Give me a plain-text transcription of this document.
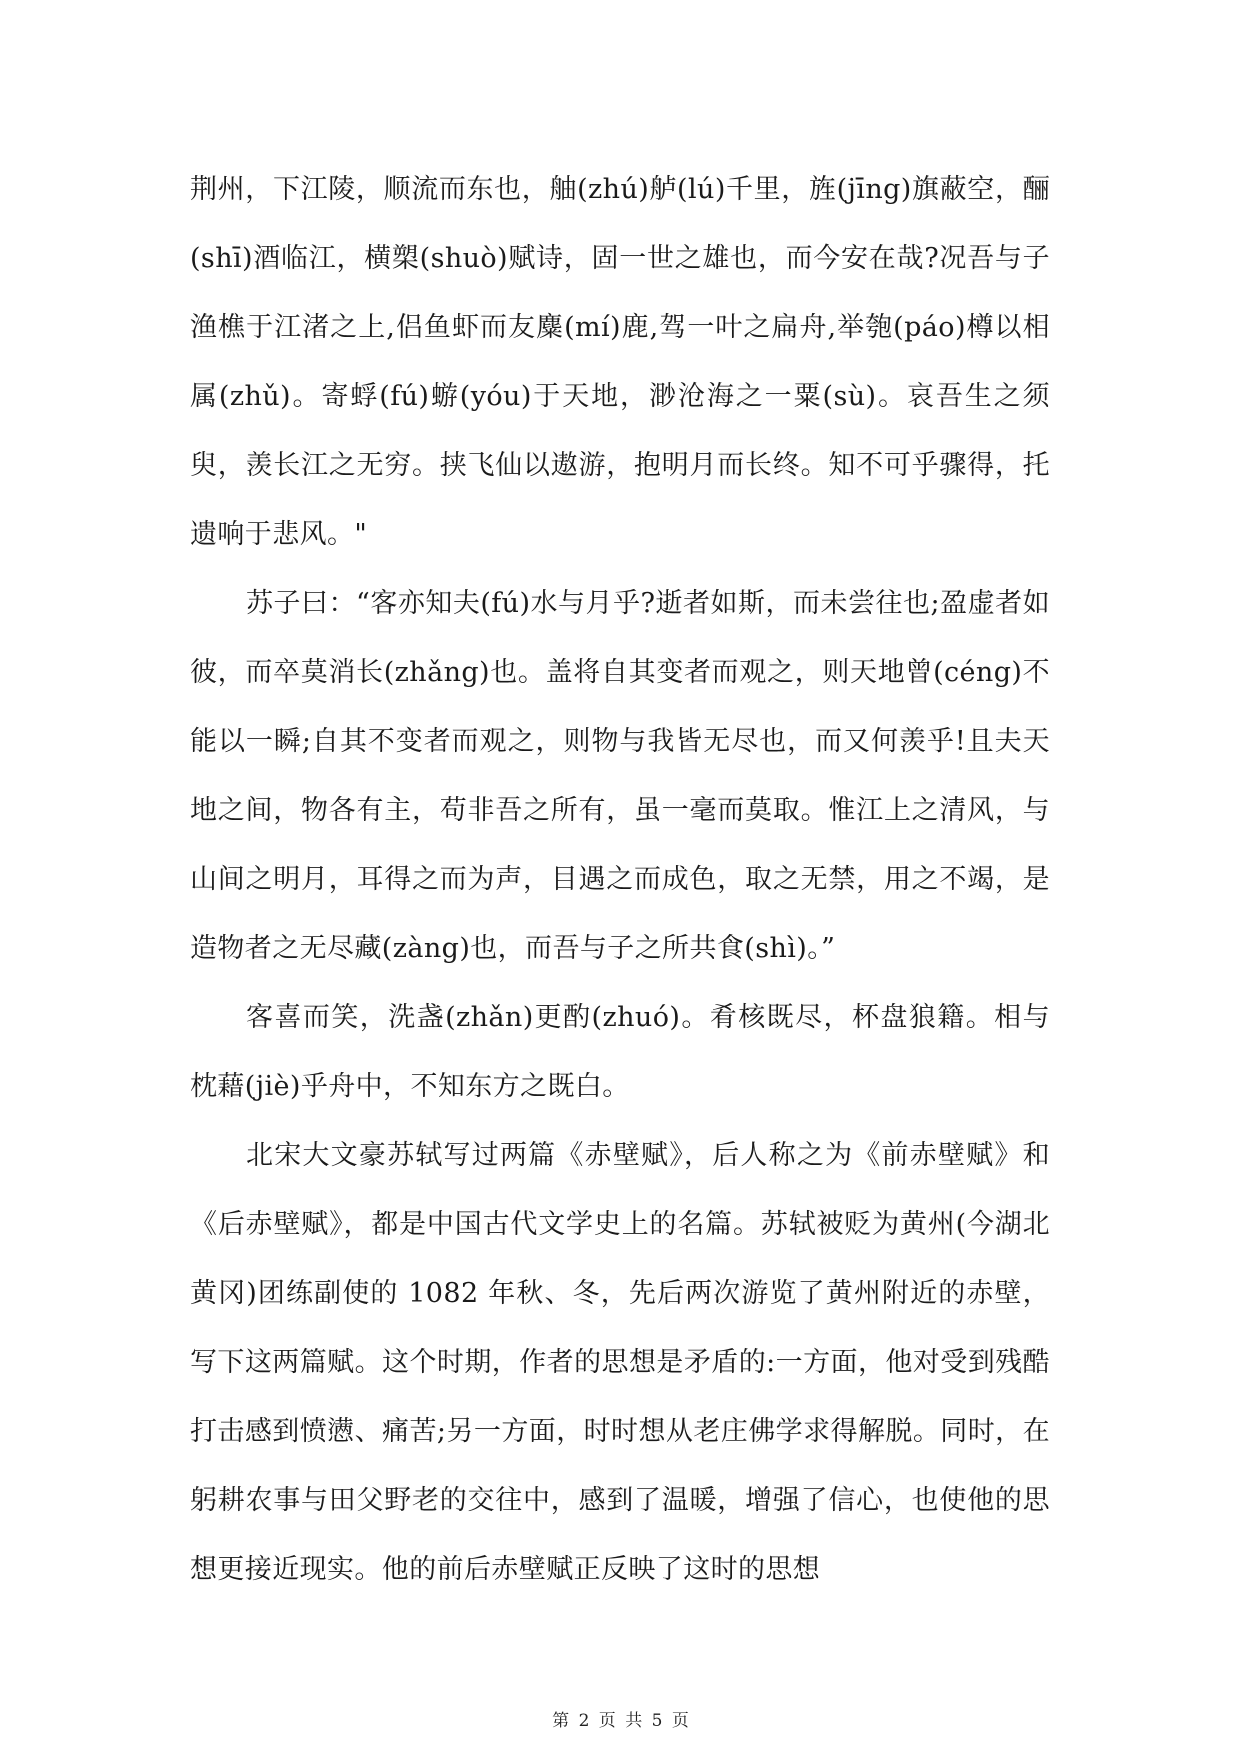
荆州，下江陵，顺流而东也，舳(zhú)舻(lú)千里，旌(jīng)旗蔽空，酾(shī)酒临江，横槊(shuò)赋诗，固一世之雄也，而今安在哉?况吾与子渔樵于江渚之上,侣鱼虾而友麋(mí)鹿,驾一叶之扁舟,举匏(páo)樽以相属(zhǔ)。寄蜉(fú)蝣(yóu)于天地，渺沧海之一粟(sù)。哀吾生之须臾，羡长江之无穷。挟飞仙以遨游，抱明月而长终。知不可乎骤得，托遗响于悲风。"

苏子曰：“客亦知夫(fú)水与月乎?逝者如斯，而未尝往也;盈虚者如彼，而卒莫消长(zhǎng)也。盖将自其变者而观之，则天地曾(céng)不能以一瞬;自其不变者而观之，则物与我皆无尽也，而又何羡乎!且夫天地之间，物各有主，苟非吾之所有，虽一毫而莫取。惟江上之清风，与山间之明月，耳得之而为声，目遇之而成色，取之无禁，用之不竭，是造物者之无尽藏(zàng)也，而吾与子之所共食(shì)。”

客喜而笑，洗盏(zhǎn)更酌(zhuó)。肴核既尽，杯盘狼籍。相与枕藉(jiè)乎舟中，不知东方之既白。

北宋大文豪苏轼写过两篇《赤壁赋》，后人称之为《前赤壁赋》和《后赤壁赋》，都是中国古代文学史上的名篇。苏轼被贬为黄州(今湖北黄冈)团练副使的 1082 年秋、冬，先后两次游览了黄州附近的赤壁，写下这两篇赋。这个时期，作者的思想是矛盾的:一方面，他对受到残酷打击感到愤懑、痛苦;另一方面，时时想从老庄佛学求得解脱。同时，在躬耕农事与田父野老的交往中，感到了温暖，增强了信心，也使他的思想更接近现实。他的前后赤壁赋正反映了这时的思想

第 2 页 共 5 页
